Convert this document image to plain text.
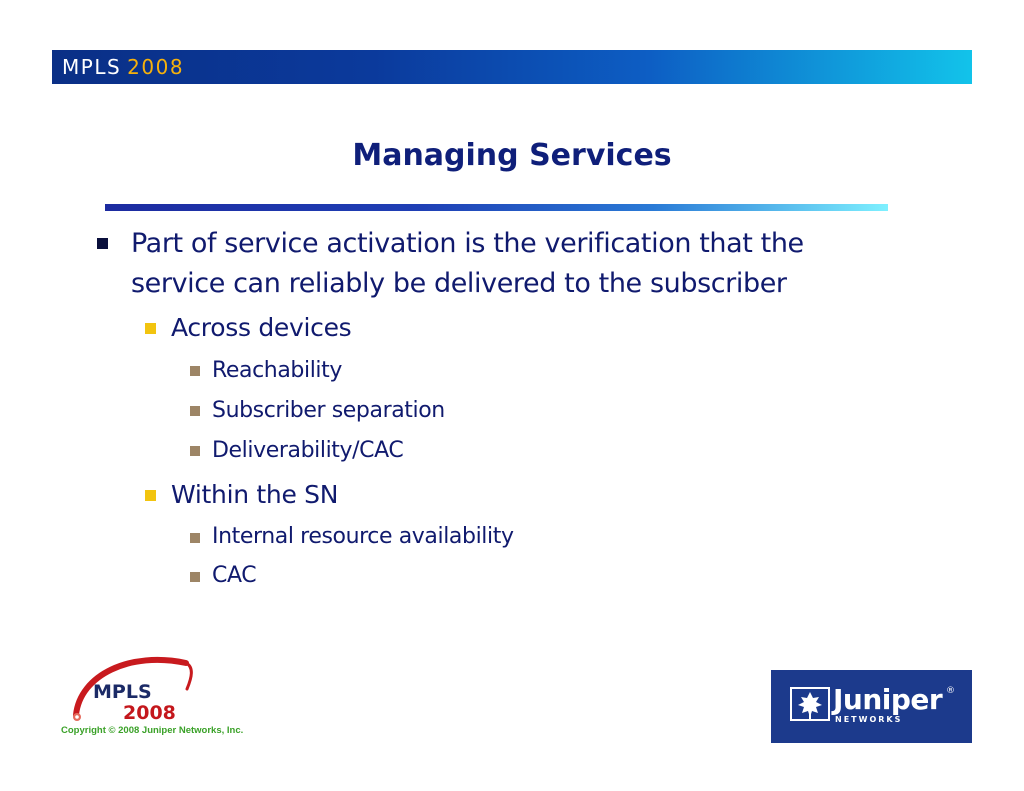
MPLS 2008
Managing Services
Part of service activation is the verification that the
service can reliably be delivered to the subscriber
Across devices
Reachability
Subscriber separation
Deliverability/CAC
Within the SN
Internal resource availability
CAC
MPLS
2008
Copyright © 2008 Juniper Networks, Inc.
Juniper ®
NETWORKS
